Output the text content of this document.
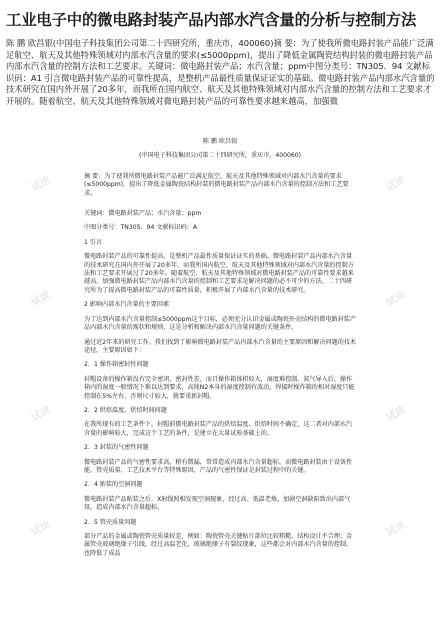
工业电子中的微电路封装产品内部水汽含量的分析与控制方法
陈 鹏 欧昌银(中国电子科技集团公司第二十四研究所，重庆市，400060)摘 要：为了使我所微电路封装产品能广泛满足航空、航天及其他特殊领域对内部水汽含量的要求(≤5000ppm)，提出了降低金属陶瓷结构封装的微电路封装产品内部水汽含量的控制方法和工艺要求。关键词：微电路封装产品；水汽含量；ppm中图分类号：TN305．94 文献标识码：A1 引言微电路封装产品的可靠性提高，是整机产品最性质量保证证实的基础。微电路封装产品内部水汽含量的技术研究在国内外开展了20多年，而我所在国内航空、航天及其他特殊领域对内部水汽含量的控制方法和工艺要求才开展的。随着航空、航天及其他特殊领域对微电路封装产品的可靠性要求越来越高，加强微

陈 鹏 欧昌银

(中国电子科技集团公司第二十四研究所，重庆市，400060)

摘 要：为了使我所微电路封装产品能广泛满足航空、航天及其他特殊领域对内部水汽含量的要求(≤5000ppm)，提出了降低金属陶瓷结构封装的微电路封装产品内部水汽含量的控制方法和工艺要求。

关键词：微电路封装产品；水汽含量；ppm

中图分类号：TN305．94 文献标识码：A

1 引言

微电路封装产品的可靠性提高，是整机产品最性质量保证证实的基础。微电路封装产品内部水汽含量的技术研究在国内外开展了20多年，而我所国内航空、航天及其他特殊领域对内部水汽含量的控制方法和工艺要求开展过了20多年。随着航空、航天及其他特殊领域对微电路封装产品的可靠性要求越来越高，加强微电路封装产品内部水汽含量的控制和工艺要求是解决问题的必不可少的方法。二十四研究所为了提高微电路封装产品的可靠性质量，积极开展了内部水汽含量的技术研究。

2 影响内部水汽含量的主要因素

为了达到内部水汽含量控制≤5000ppm这个目标，必须充分认识金属或陶瓷外壳结构的微电路封装产品内部水汽含量的现状和规则，这是分析和解决内部水汽含量问题的关键条件。

通过近2年来的研究工作，我们找到了影响微电路封装产品内部水汽含量的主要原因和解决问题的技术途径。主要原因如下：

2．1 操作箱密封性问题

封帽设备的操作箱没有完全密闭，密封性差，而且操作箱体积较大，湿度难控制。氮气导入后，操作箱内的湿度一般情况下难以达到要求，高纯N2本身的湿度控制有波动，焊接时操作箱的相对湿度只能控制在5%左右，否则尺寸较大，就要重新封帽。

2．2 烘焙温度、烘焙时间问题

在我所现有的工艺条件下，封帽前微电路封装产品的烘焙温度、烘焙时间不确定，这二者对内部水汽含量的影响较大，完成这个工艺的条件，是建立在大量试验基础上的。

2．3 封装的气密性问题

微电路封装产品的气密性要求高，稍有微漏，常常造成内部水汽含量超标。而微电路封装由于设备性能、管壳质量、工艺技术平台等特殊原因，产品的气密性保证是封装过程中的关键。

2．4 贴装的空洞问题

微电路封装产品贴装之后，X射线照相发现空洞现象，经过高、低温老炼，加剧空洞缺陷致出内部气氛，造成内部水汽含量超标。

2．5 管壳质量问题

部分产品的金属或陶瓷管壳质量较差，例如：陶瓷管壳关键贴片部位比较粗糙，结构设计不合理；金属管壳玻璃绝缘子引线，经过高温老化，玻璃绝缘子有裂纹现象，这些都会对内部水汽含量的控制，也降低了成品

试读	试读
试读	试读
试读	试读
试读	试读
